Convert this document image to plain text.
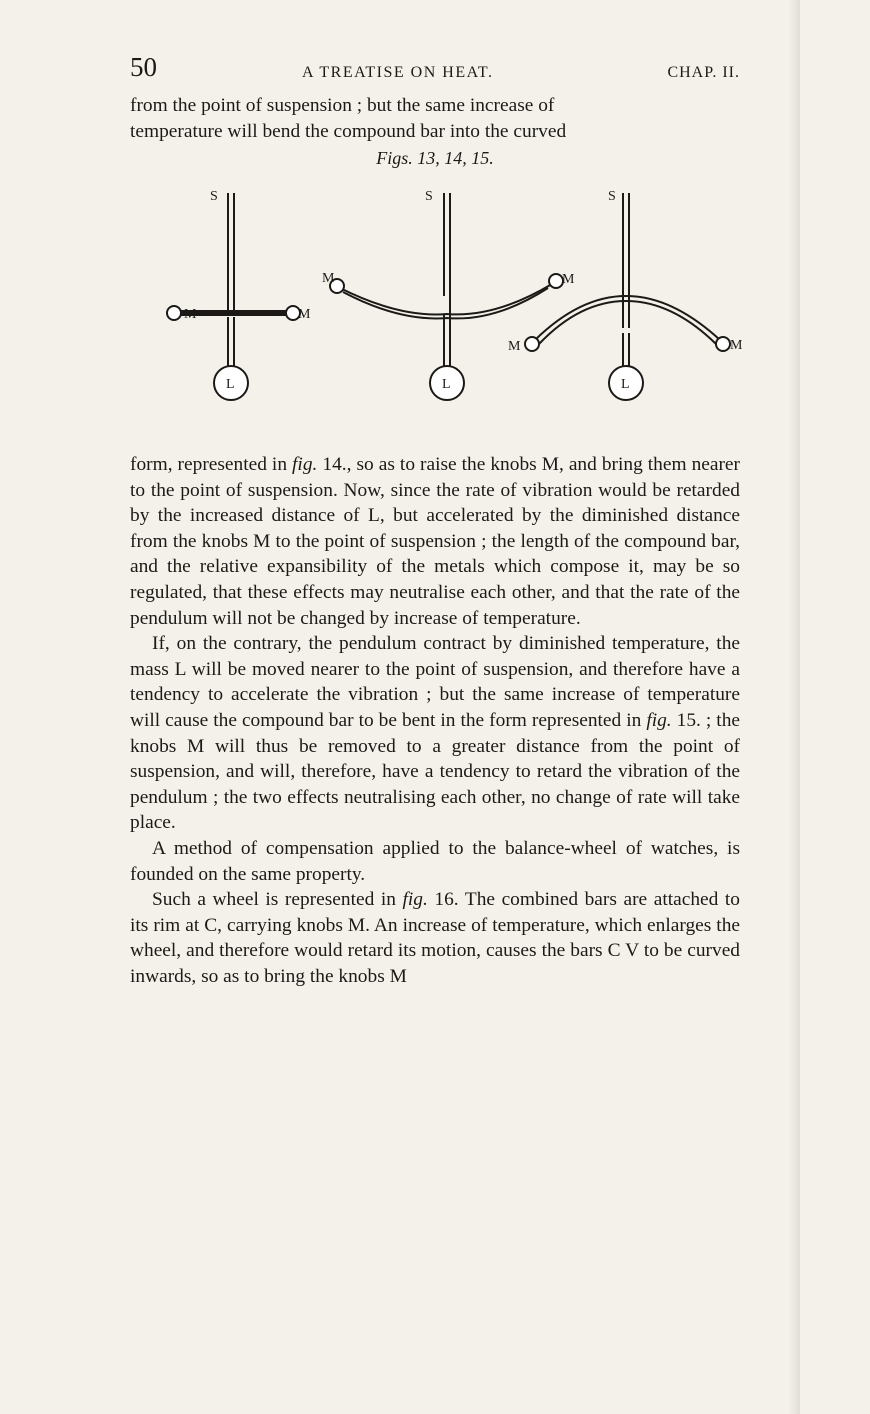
50	A TREATISE ON HEAT.	CHAP. II.

from the point of suspension ; but the same increase of

temperature will bend the compound bar into the curved

Figs. 13, 14, 15.
S	S	S
M	M
M	M
M	M
L	L	L

form, represented in fig. 14., so as to raise the knobs M, and bring them nearer to the point of suspension. Now, since the rate of vibration would be retarded by the increased distance of L, but accelerated by the diminished distance from the knobs M to the point of suspension ; the length of the compound bar, and the relative expansibility of the metals which compose it, may be so regulated, that these effects may neutralise each other, and that the rate of the pendulum will not be changed by increase of temperature.

If, on the contrary, the pendulum contract by diminished temperature, the mass L will be moved nearer to the point of suspension, and therefore have a tendency to accelerate the vibration ; but the same increase of temperature will cause the compound bar to be bent in the form represented in fig. 15. ; the knobs M will thus be removed to a greater distance from the point of suspension, and will, therefore, have a tendency to retard the vibration of the pendulum ; the two effects neutralising each other, no change of rate will take place.

A method of compensation applied to the balance-wheel of watches, is founded on the same property.

Such a wheel is represented in fig. 16. The combined bars are attached to its rim at C, carrying knobs M. An increase of temperature, which enlarges the wheel, and therefore would retard its motion, causes the bars C V to be curved inwards, so as to bring the knobs M
